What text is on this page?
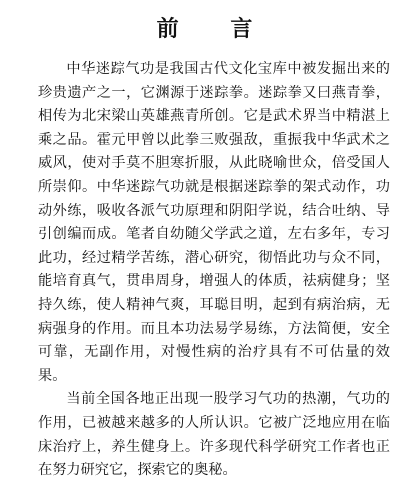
前 言

中华迷踪气功是我国古代文化宝库中被发掘出来的珍贵遗产之一，它渊源于迷踪拳。迷踪拳又曰燕青拳，相传为北宋梁山英雄燕青所创。它是武术界当中精湛上乘之品。霍元甲曾以此拳三败强敌，重振我中华武术之威风，使对手莫不胆寒折服，从此晓喻世众，倍受国人所崇仰。中华迷踪气功就是根据迷踪拳的架式动作，功动外练，吸收各派气功原理和阴阳学说，结合吐纳、导引创编而成。笔者自幼随父学武之道，左右多年，专习此功，经过精学苦练，潜心研究，彻悟此功与众不同，能培育真气，贯串周身，增强人的体质，祛病健身；坚持久练，使人精神气爽，耳聪目明，起到有病治病，无病强身的作用。而且本功法易学易练，方法简便，安全可靠，无副作用，对慢性病的治疗具有不可估量的效果。

当前全国各地正出现一股学习气功的热潮，气功的作用，已被越来越多的人所认识。它被广泛地应用在临床治疗上，养生健身上。许多现代科学研究工作者也正在努力研究它，探索它的奥秘。
